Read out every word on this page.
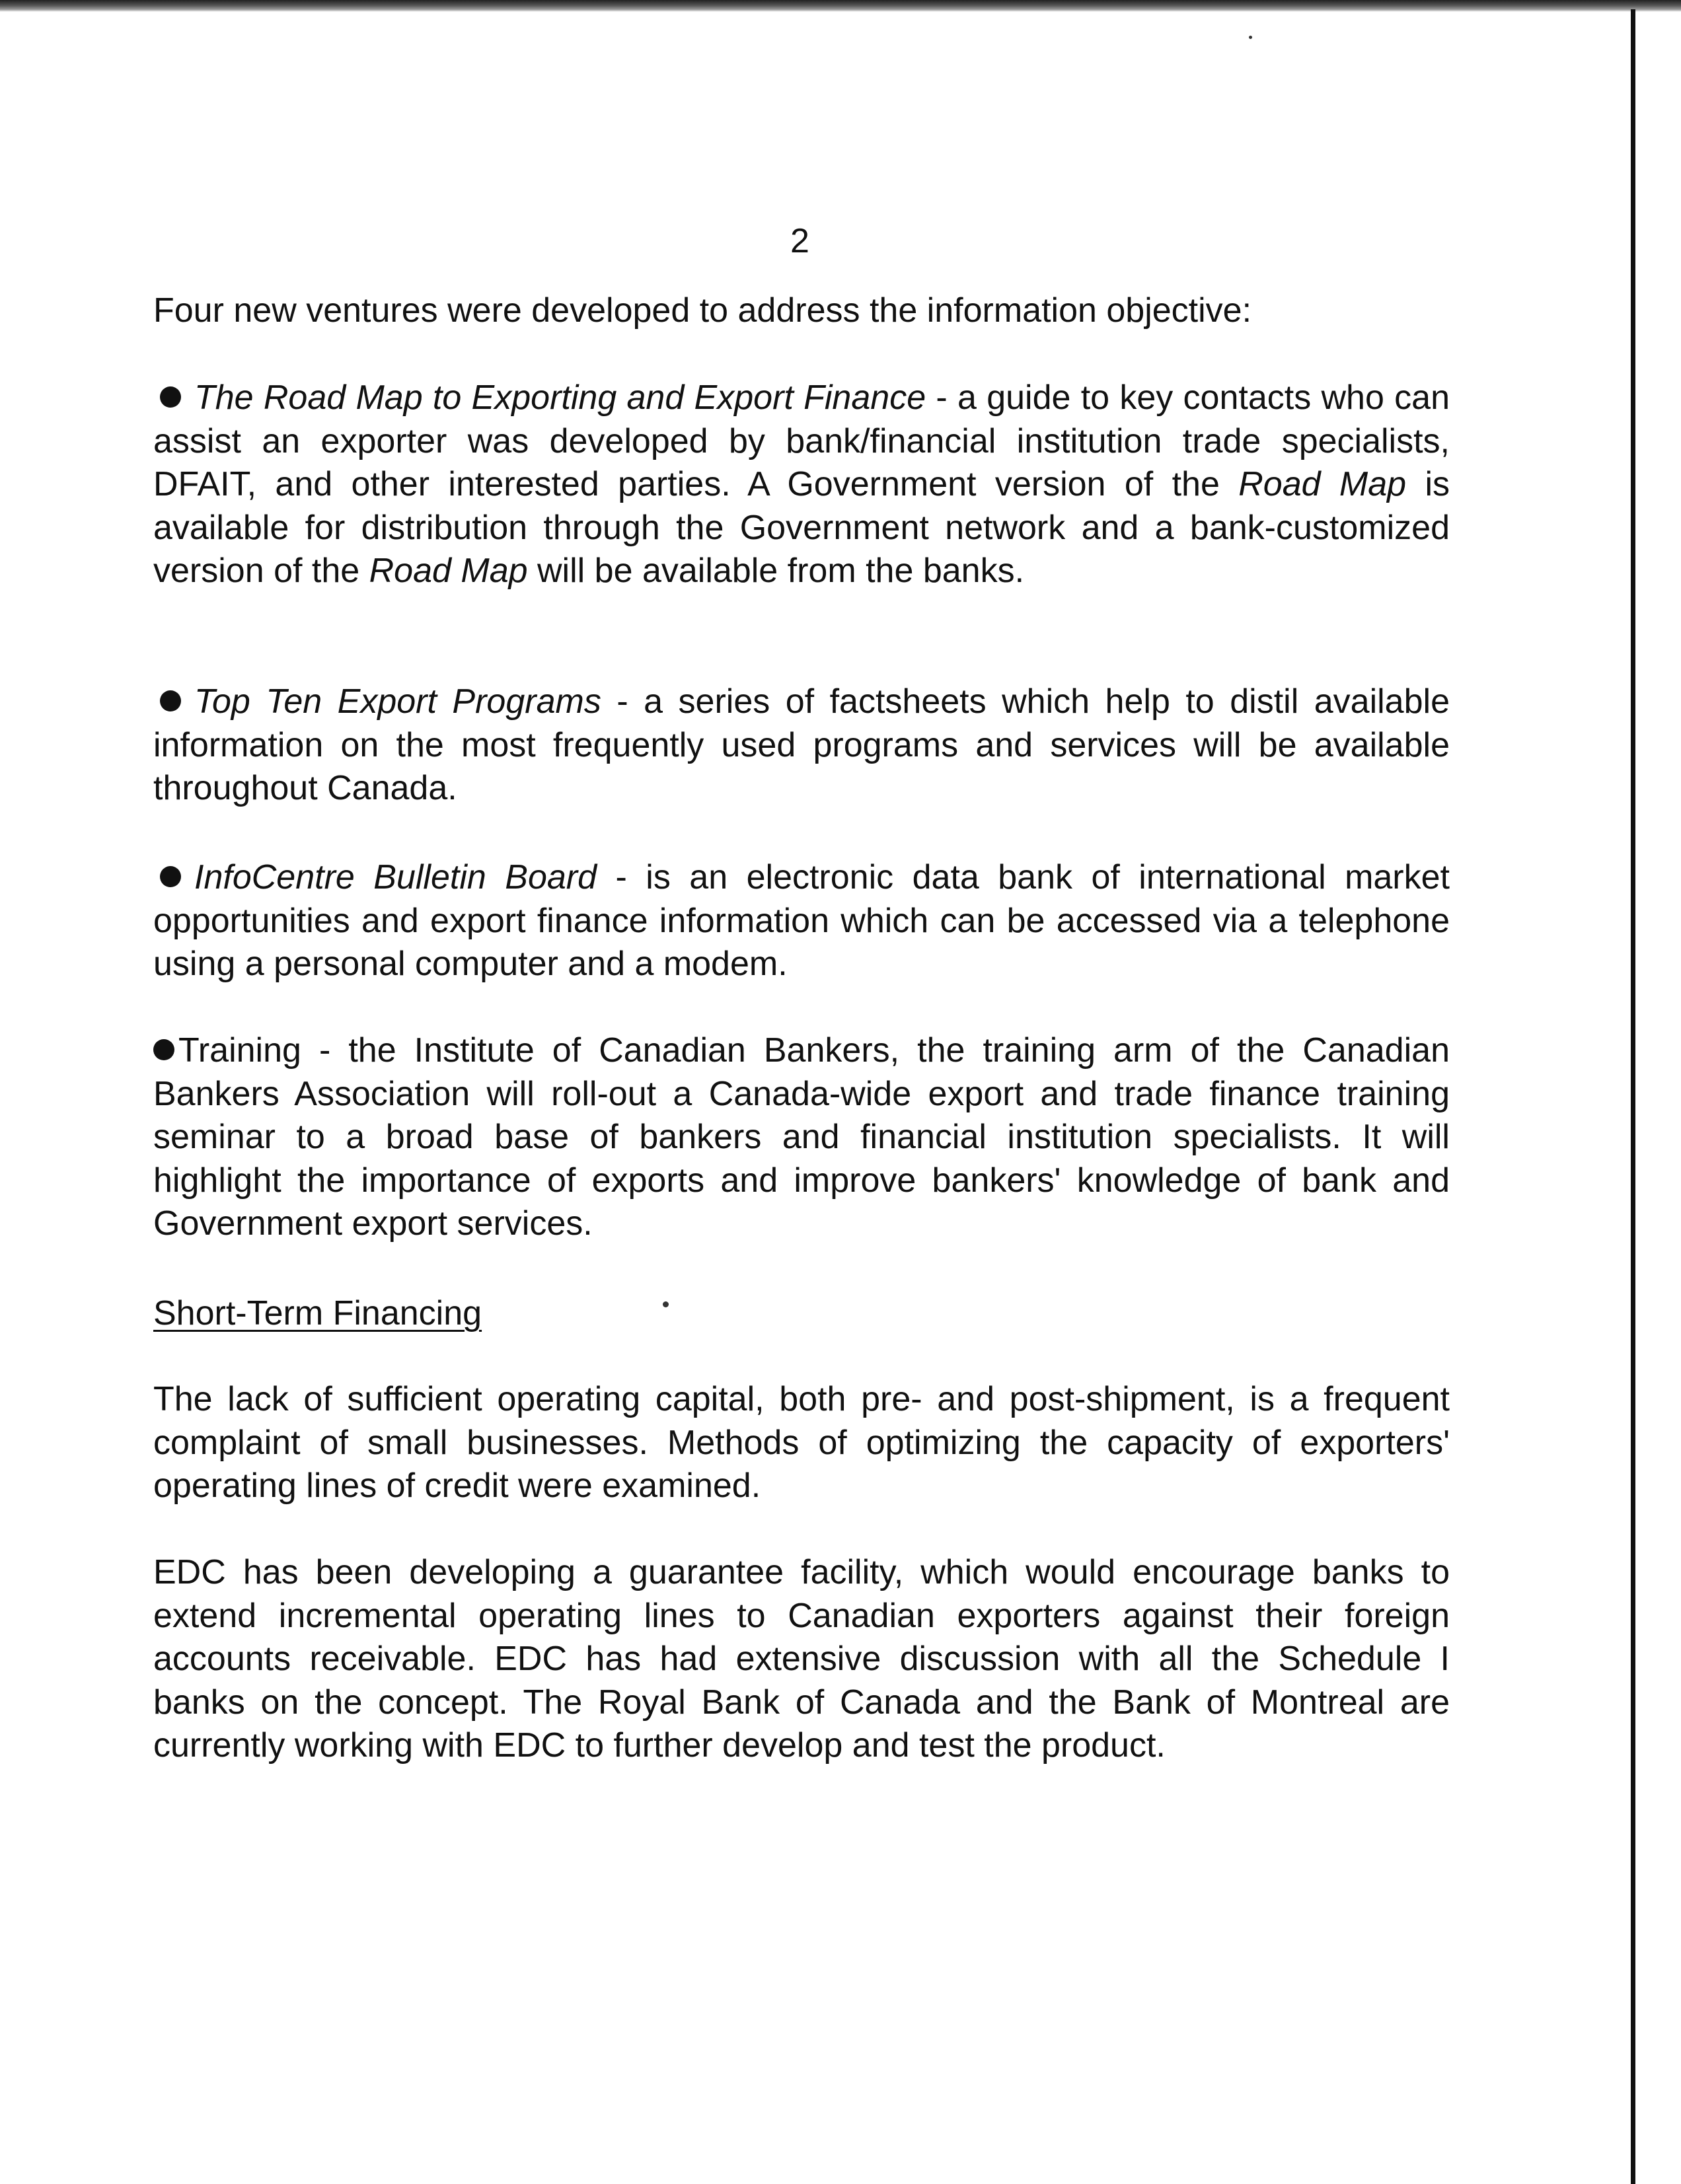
2

Four new ventures were developed to address the information objective:

The Road Map to Exporting and Export Finance - a guide to key contacts who can assist an exporter was developed by bank/financial institution trade specialists, DFAIT, and other interested parties. A Government version of the Road Map is available for distribution through the Government network and a bank-customized version of the Road Map will be available from the banks.

Top Ten Export Programs - a series of factsheets which help to distil available information on the most frequently used programs and services will be available throughout Canada.

InfoCentre Bulletin Board - is an electronic data bank of international market opportunities and export finance information which can be accessed via a telephone using a personal computer and a modem.

Training - the Institute of Canadian Bankers, the training arm of the Canadian Bankers Association will roll-out a Canada-wide export and trade finance training seminar to a broad base of bankers and financial institution specialists. It will highlight the importance of exports and improve bankers' knowledge of bank and Government export services.

Short-Term Financing

The lack of sufficient operating capital, both pre- and post-shipment, is a frequent complaint of small businesses. Methods of optimizing the capacity of exporters' operating lines of credit were examined.

EDC has been developing a guarantee facility, which would encourage banks to extend incremental operating lines to Canadian exporters against their foreign accounts receivable. EDC has had extensive discussion with all the Schedule I banks on the concept. The Royal Bank of Canada and the Bank of Montreal are currently working with EDC to further develop and test the product.
